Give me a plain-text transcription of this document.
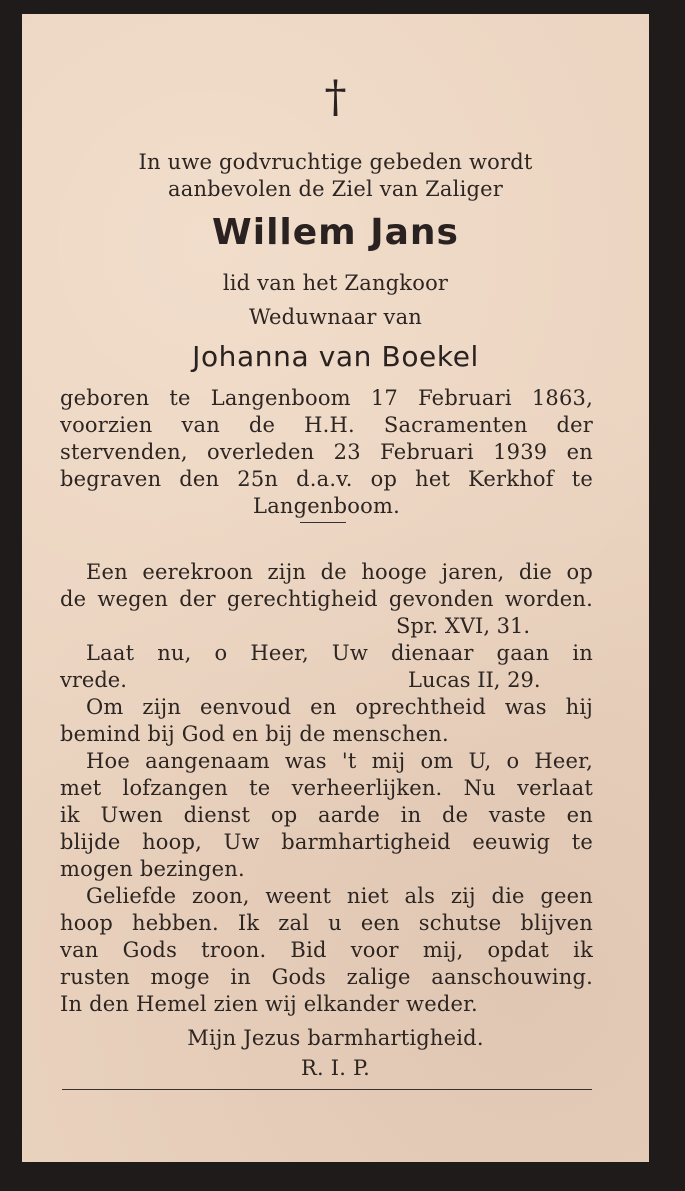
†
In uwe godvruchtige gebeden wordt
aanbevolen de Ziel van Zaliger
Willem Jans
lid van het Zangkoor
Weduwnaar van
Johanna van Boekel
geboren te Langenboom 17 Februari 1863,
voorzien van de H.H. Sacramenten der
stervenden, overleden 23 Februari 1939 en
begraven den 25n d.a.v. op het Kerkhof te
Langenboom.
Een eerekroon zijn de hooge jaren, die op
de wegen der gerechtigheid gevonden worden.
Spr. XVI, 31.
Laat nu, o Heer, Uw dienaar gaan in
vrede.	Lucas II, 29.
Om zijn eenvoud en oprechtheid was hij
bemind bij God en bij de menschen.
Hoe aangenaam was 't mij om U, o Heer,
met lofzangen te verheerlijken. Nu verlaat
ik Uwen dienst op aarde in de vaste en
blijde hoop, Uw barmhartigheid eeuwig te
mogen bezingen.
Geliefde zoon, weent niet als zij die geen
hoop hebben. Ik zal u een schutse blijven
van Gods troon. Bid voor mij, opdat ik
rusten moge in Gods zalige aanschouwing.
In den Hemel zien wij elkander weder.
Mijn Jezus barmhartigheid.
R. I. P.
